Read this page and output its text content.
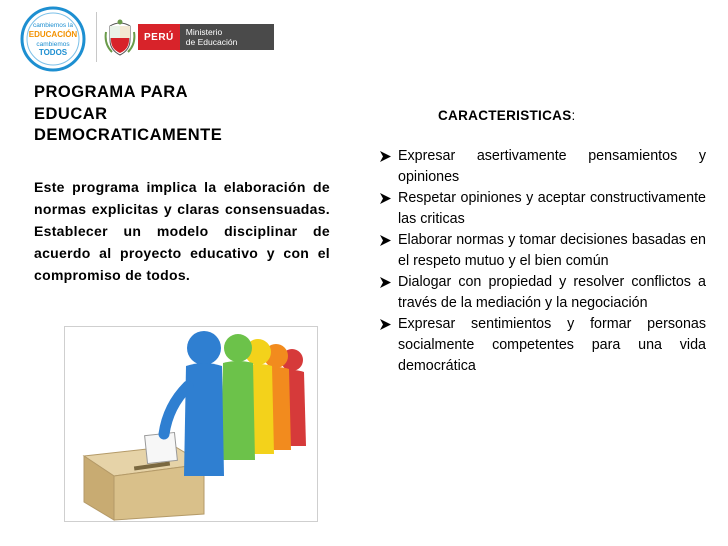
cambiemos la
EDUCACIÓN
cambiemos
TODOS
PERÚ	Ministerio
de Educación
PROGRAMA PARA
EDUCAR
DEMOCRATICAMENTE
Este programa implica la elaboración de normas explicitas y claras consensuadas. Establecer un modelo disciplinar de acuerdo al proyecto educativo y con el compromiso de todos.
CARACTERISTICAS:
Expresar asertivamente pensamientos y opiniones
Respetar opiniones y aceptar constructivamente las criticas
Elaborar normas y tomar decisiones basadas en el respeto mutuo y el bien común
Dialogar con propiedad y resolver conflictos a través de la mediación y la negociación
Expresar sentimientos y formar personas socialmente competentes para una vida democrática
